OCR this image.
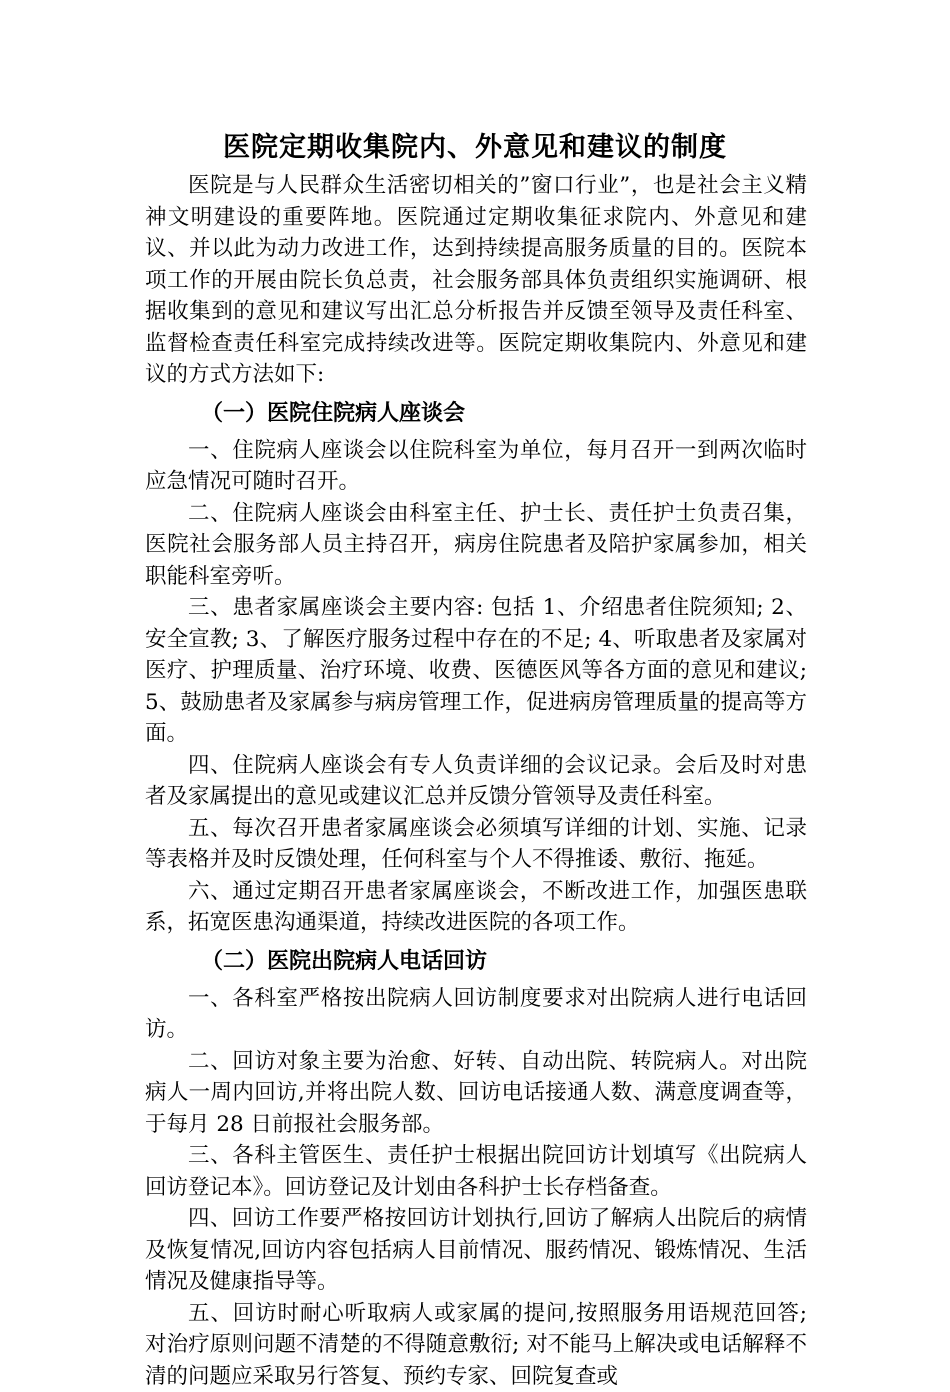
医院定期收集院内、外意见和建议的制度

医院是与人民群众生活密切相关的”窗口行业”，也是社会主义精神文明建设的重要阵地。医院通过定期收集征求院内、外意见和建议、并以此为动力改进工作，达到持续提高服务质量的目的。医院本项工作的开展由院长负总责，社会服务部具体负责组织实施调研、根据收集到的意见和建议写出汇总分析报告并反馈至领导及责任科室、监督检查责任科室完成持续改进等。医院定期收集院内、外意见和建议的方式方法如下:

（一）医院住院病人座谈会

一、住院病人座谈会以住院科室为单位，每月召开一到两次临时应急情况可随时召开。

二、住院病人座谈会由科室主任、护士长、责任护士负责召集，医院社会服务部人员主持召开，病房住院患者及陪护家属参加，相关职能科室旁听。

三、患者家属座谈会主要内容: 包括 1、介绍患者住院须知; 2、安全宣教; 3、了解医疗服务过程中存在的不足; 4、听取患者及家属对医疗、护理质量、治疗环境、收费、医德医风等各方面的意见和建议; 5、鼓励患者及家属参与病房管理工作，促进病房管理质量的提高等方面。

四、住院病人座谈会有专人负责详细的会议记录。会后及时对患者及家属提出的意见或建议汇总并反馈分管领导及责任科室。

五、每次召开患者家属座谈会必须填写详细的计划、实施、记录等表格并及时反馈处理，任何科室与个人不得推诿、敷衍、拖延。

六、通过定期召开患者家属座谈会，不断改进工作，加强医患联系，拓宽医患沟通渠道，持续改进医院的各项工作。

（二）医院出院病人电话回访

一、各科室严格按出院病人回访制度要求对出院病人进行电话回访。

二、回访对象主要为治愈、好转、自动出院、转院病人。对出院病人一周内回访,并将出院人数、回访电话接通人数、满意度调查等，于每月 28 日前报社会服务部。

三、各科主管医生、责任护士根据出院回访计划填写《出院病人回访登记本》。回访登记及计划由各科护士长存档备查。

四、回访工作要严格按回访计划执行,回访了解病人出院后的病情及恢复情况,回访内容包括病人目前情况、服药情况、锻炼情况、生活情况及健康指导等。

五、回访时耐心听取病人或家属的提问,按照服务用语规范回答; 对治疗原则问题不清楚的不得随意敷衍; 对不能马上解决或电话解释不清的问题应采取另行答复、预约专家、回院复查或
